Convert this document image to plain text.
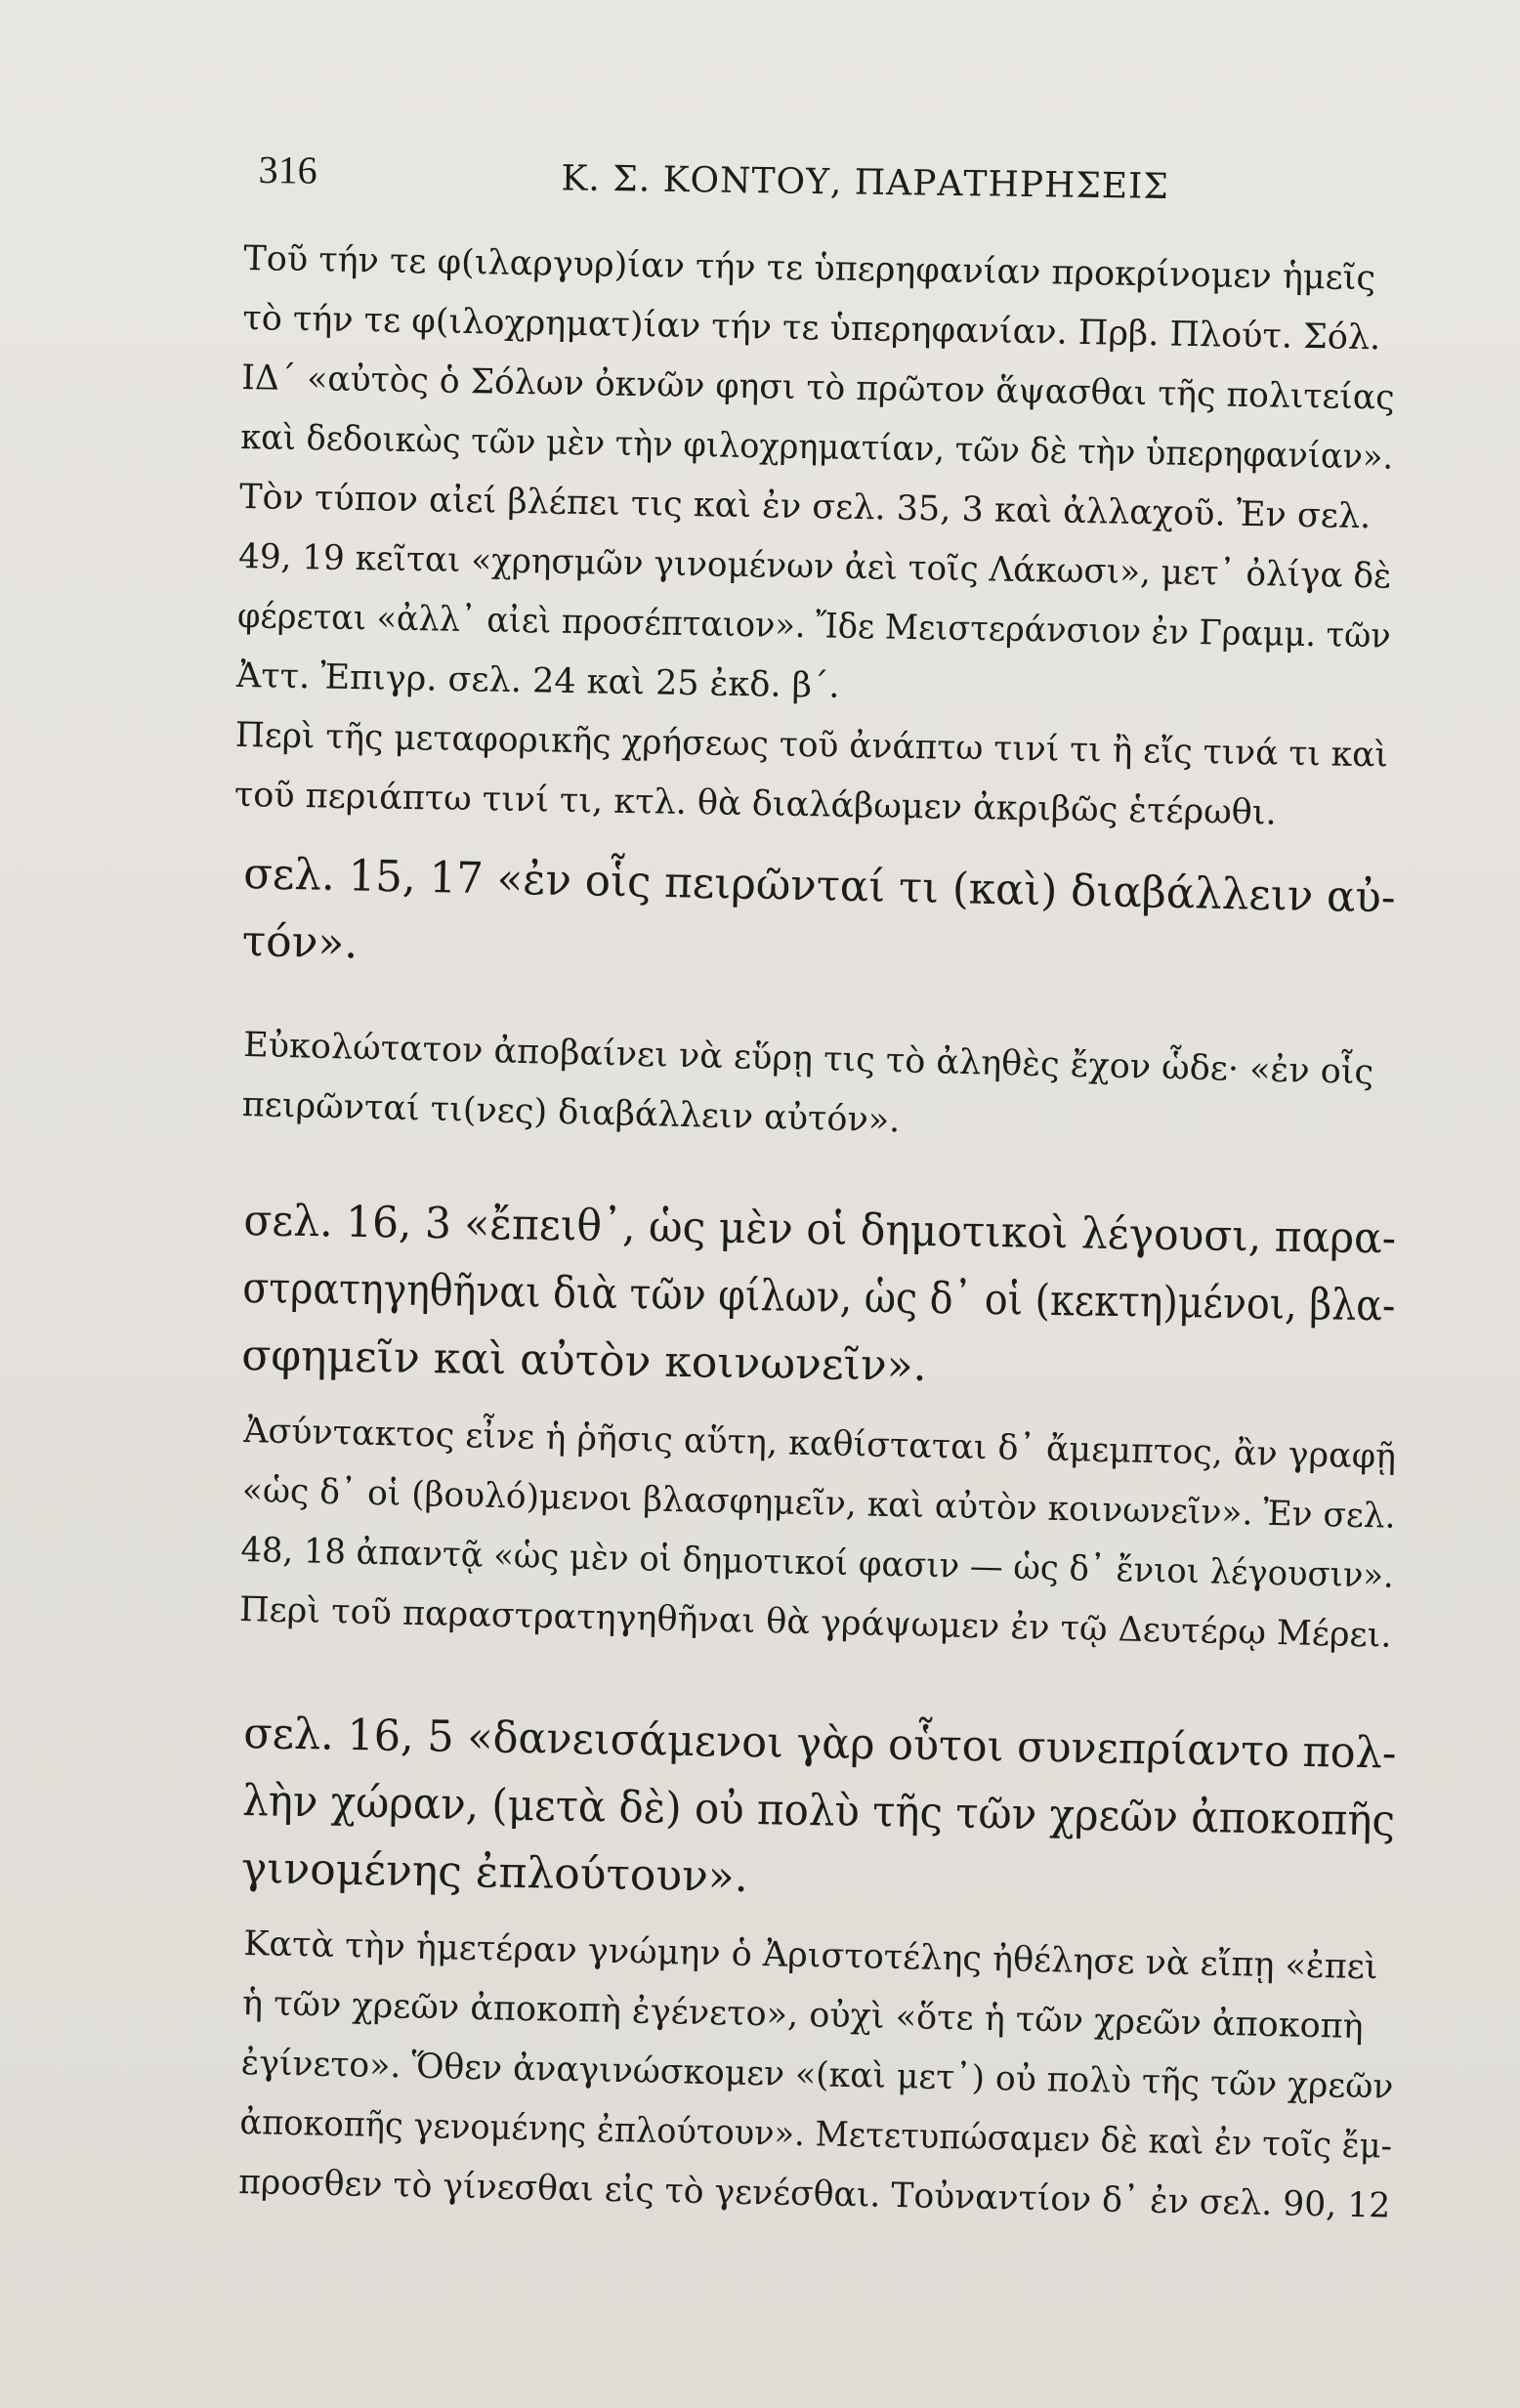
316	Κ. Σ. ΚΟΝΤΟΥ, ΠΑΡΑΤΗΡΗΣΕΙΣ
Τοῦ τήν τε φ(ιλαργυρ)ίαν τήν τε ὑπερηφανίαν προκρίνομεν ἡμεῖς
τὸ τήν τε φ(ιλοχρηματ)ίαν τήν τε ὑπερηφανίαν. Πρβ. Πλούτ. Σόλ.
ΙΔ΄ «αὐτὸς ὁ Σόλων ὀκνῶν φησι τὸ πρῶτον ἅψασθαι τῆς πολιτείας
καὶ δεδοικὼς τῶν μὲν τὴν φιλοχρηματίαν, τῶν δὲ τὴν ὑπερηφανίαν».
Τὸν τύπον αἰεί βλέπει τις καὶ ἐν σελ. 35, 3 καὶ ἀλλαχοῦ. Ἐν σελ.
49, 19 κεῖται «χρησμῶν γινομένων ἀεὶ τοῖς Λάκωσι», μετ᾽ ὀλίγα δὲ
φέρεται «ἀλλ᾽ αἰεὶ προσέπταιον». Ἴδε Μειστεράνσιον ἐν Γραμμ. τῶν
Ἀττ. Ἐπιγρ. σελ. 24 καὶ 25 ἐκδ. β΄.
Περὶ τῆς μεταφορικῆς χρήσεως τοῦ ἀνάπτω τινί τι ἢ εἴς τινά τι καὶ
τοῦ περιάπτω τινί τι, κτλ. θὰ διαλάβωμεν ἀκριβῶς ἑτέρωθι.
σελ. 15, 17 «ἐν οἷς πειρῶνταί τι (καὶ) διαβάλλειν αὐ-
τόν».
Εὐκολώτατον ἀποβαίνει νὰ εὕρῃ τις τὸ ἀληθὲς ἔχον ὧδε· «ἐν οἷς
πειρῶνταί τι(νες) διαβάλλειν αὐτόν».
σελ. 16, 3 «ἔπειθ᾽, ὡς μὲν οἱ δημοτικοὶ λέγουσι, παρα-
στρατηγηθῆναι διὰ τῶν φίλων, ὡς δ᾽ οἱ (κεκτη)μένοι, βλα-
σφημεῖν καὶ αὐτὸν κοινωνεῖν».
Ἀσύντακτος εἶνε ἡ ῥῆσις αὕτη, καθίσταται δ᾽ ἄμεμπτος, ἂν γραφῇ
«ὡς δ᾽ οἱ (βουλό)μενοι βλασφημεῖν, καὶ αὐτὸν κοινωνεῖν». Ἐν σελ.
48, 18 ἀπαντᾷ «ὡς μὲν οἱ δημοτικοί φασιν — ὡς δ᾽ ἔνιοι λέγουσιν».
Περὶ τοῦ παραστρατηγηθῆναι θὰ γράψωμεν ἐν τῷ Δευτέρῳ Μέρει.
σελ. 16, 5 «δανεισάμενοι γὰρ οὗτοι συνεπρίαντο πολ-
λὴν χώραν, (μετὰ δὲ) οὐ πολὺ τῆς τῶν χρεῶν ἀποκοπῆς
γινομένης ἐπλούτουν».
Κατὰ τὴν ἡμετέραν γνώμην ὁ Ἀριστοτέλης ἠθέλησε νὰ εἴπῃ «ἐπεὶ
ἡ τῶν χρεῶν ἀποκοπὴ ἐγένετο», οὐχὶ «ὅτε ἡ τῶν χρεῶν ἀποκοπὴ
ἐγίνετο». Ὅθεν ἀναγινώσκομεν «(καὶ μετ᾽) οὐ πολὺ τῆς τῶν χρεῶν
ἀποκοπῆς γενομένης ἐπλούτουν». Μετετυπώσαμεν δὲ καὶ ἐν τοῖς ἔμ-
προσθεν τὸ γίνεσθαι εἰς τὸ γενέσθαι. Τοὐναντίον δ᾽ ἐν σελ. 90, 12
